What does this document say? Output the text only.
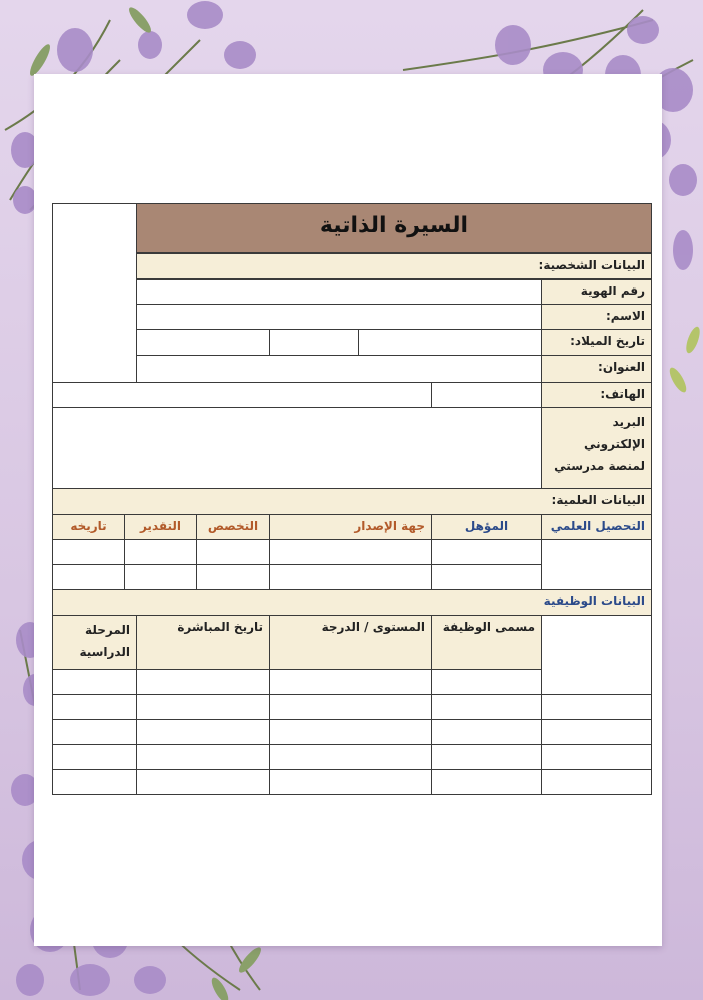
السيرة الذاتية
البيانات الشخصية:
رقم الهوية
الاسم:
تاريخ الميلاد:
العنوان:
الهاتف:
البريد الإلكتروني لمنصة مدرستي
البيانات العلمية:
التحصيل العلمي
المؤهل
جهة الإصدار
التخصص
التقدير
تاريخه
البيانات الوظيفية
مسمى الوظيفة
المستوى / الدرجة
تاريخ المباشرة
المرحلة الدراسية
